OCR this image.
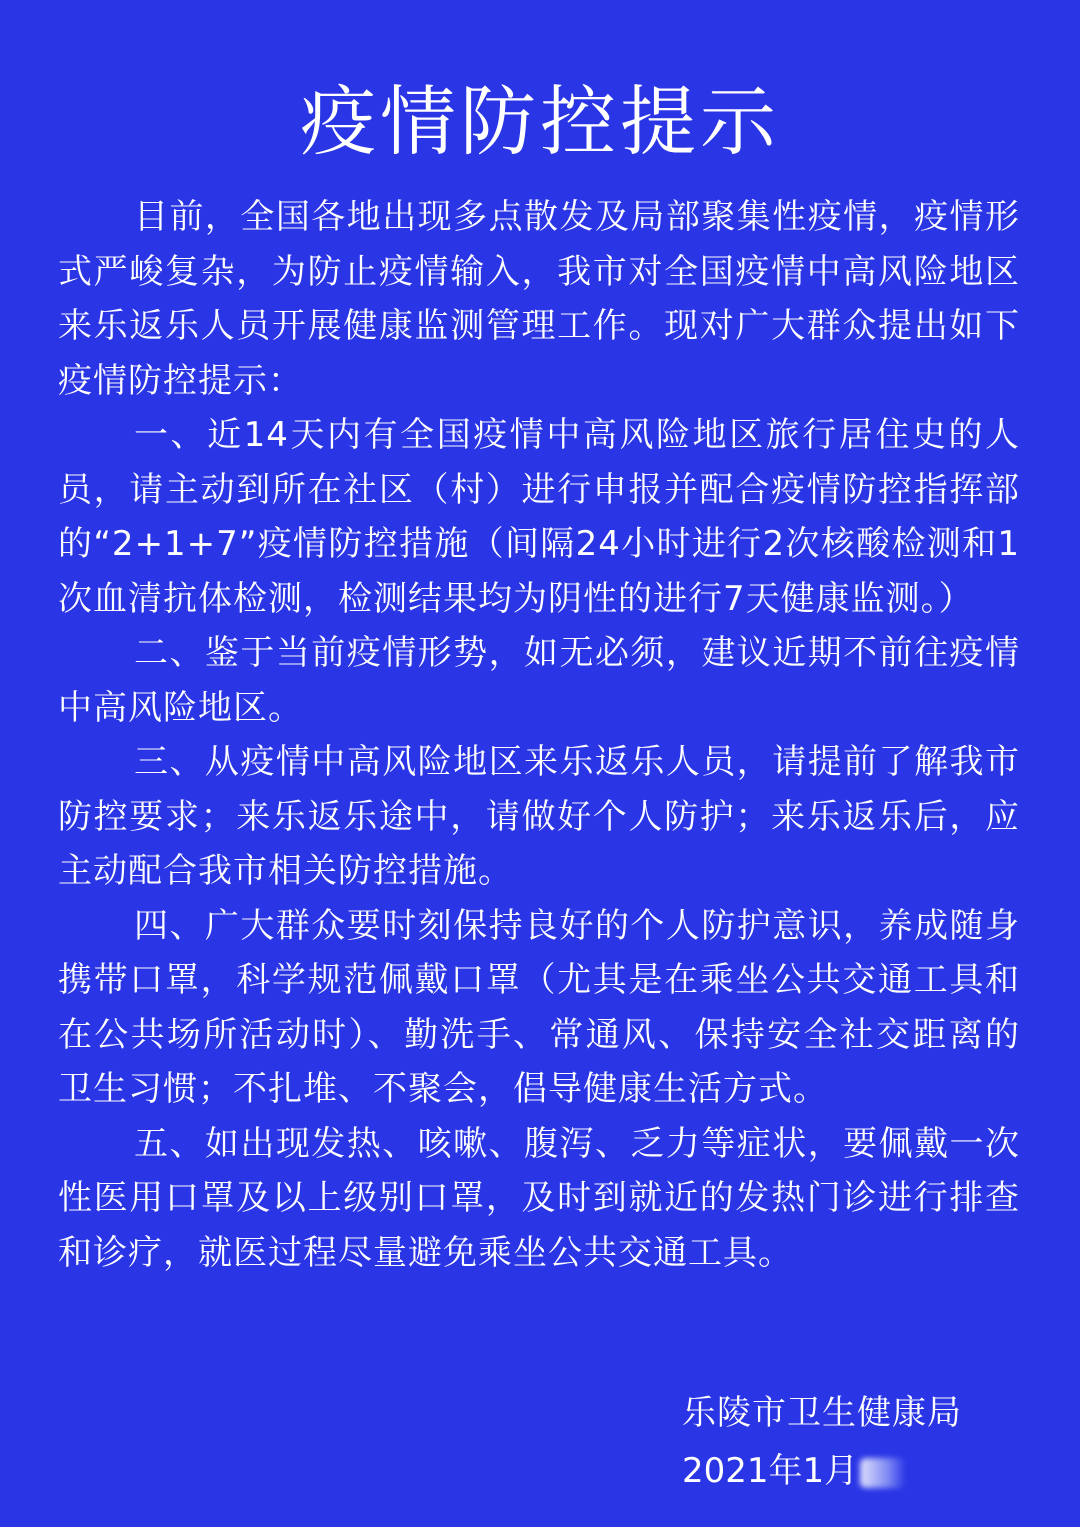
疫情防控提示

目前，全国各地出现多点散发及局部聚集性疫情，疫情形式严峻复杂，为防止疫情输入，我市对全国疫情中高风险地区来乐返乐人员开展健康监测管理工作。现对广大群众提出如下疫情防控提示：

一、近14天内有全国疫情中高风险地区旅行居住史的人员，请主动到所在社区（村）进行申报并配合疫情防控指挥部的“2+1+7”疫情防控措施（间隔24小时进行2次核酸检测和1次血清抗体检测，检测结果均为阴性的进行7天健康监测。）

二、鉴于当前疫情形势，如无必须，建议近期不前往疫情中高风险地区。

三、从疫情中高风险地区来乐返乐人员，请提前了解我市防控要求；来乐返乐途中，请做好个人防护；来乐返乐后，应主动配合我市相关防控措施。

四、广大群众要时刻保持良好的个人防护意识，养成随身携带口罩，科学规范佩戴口罩（尤其是在乘坐公共交通工具和在公共场所活动时）、勤洗手、常通风、保持安全社交距离的卫生习惯；不扎堆、不聚会，倡导健康生活方式。

五、如出现发热、咳嗽、腹泻、乏力等症状，要佩戴一次性医用口罩及以上级别口罩，及时到就近的发热门诊进行排查和诊疗，就医过程尽量避免乘坐公共交通工具。

乐陵市卫生健康局
2021年1月
